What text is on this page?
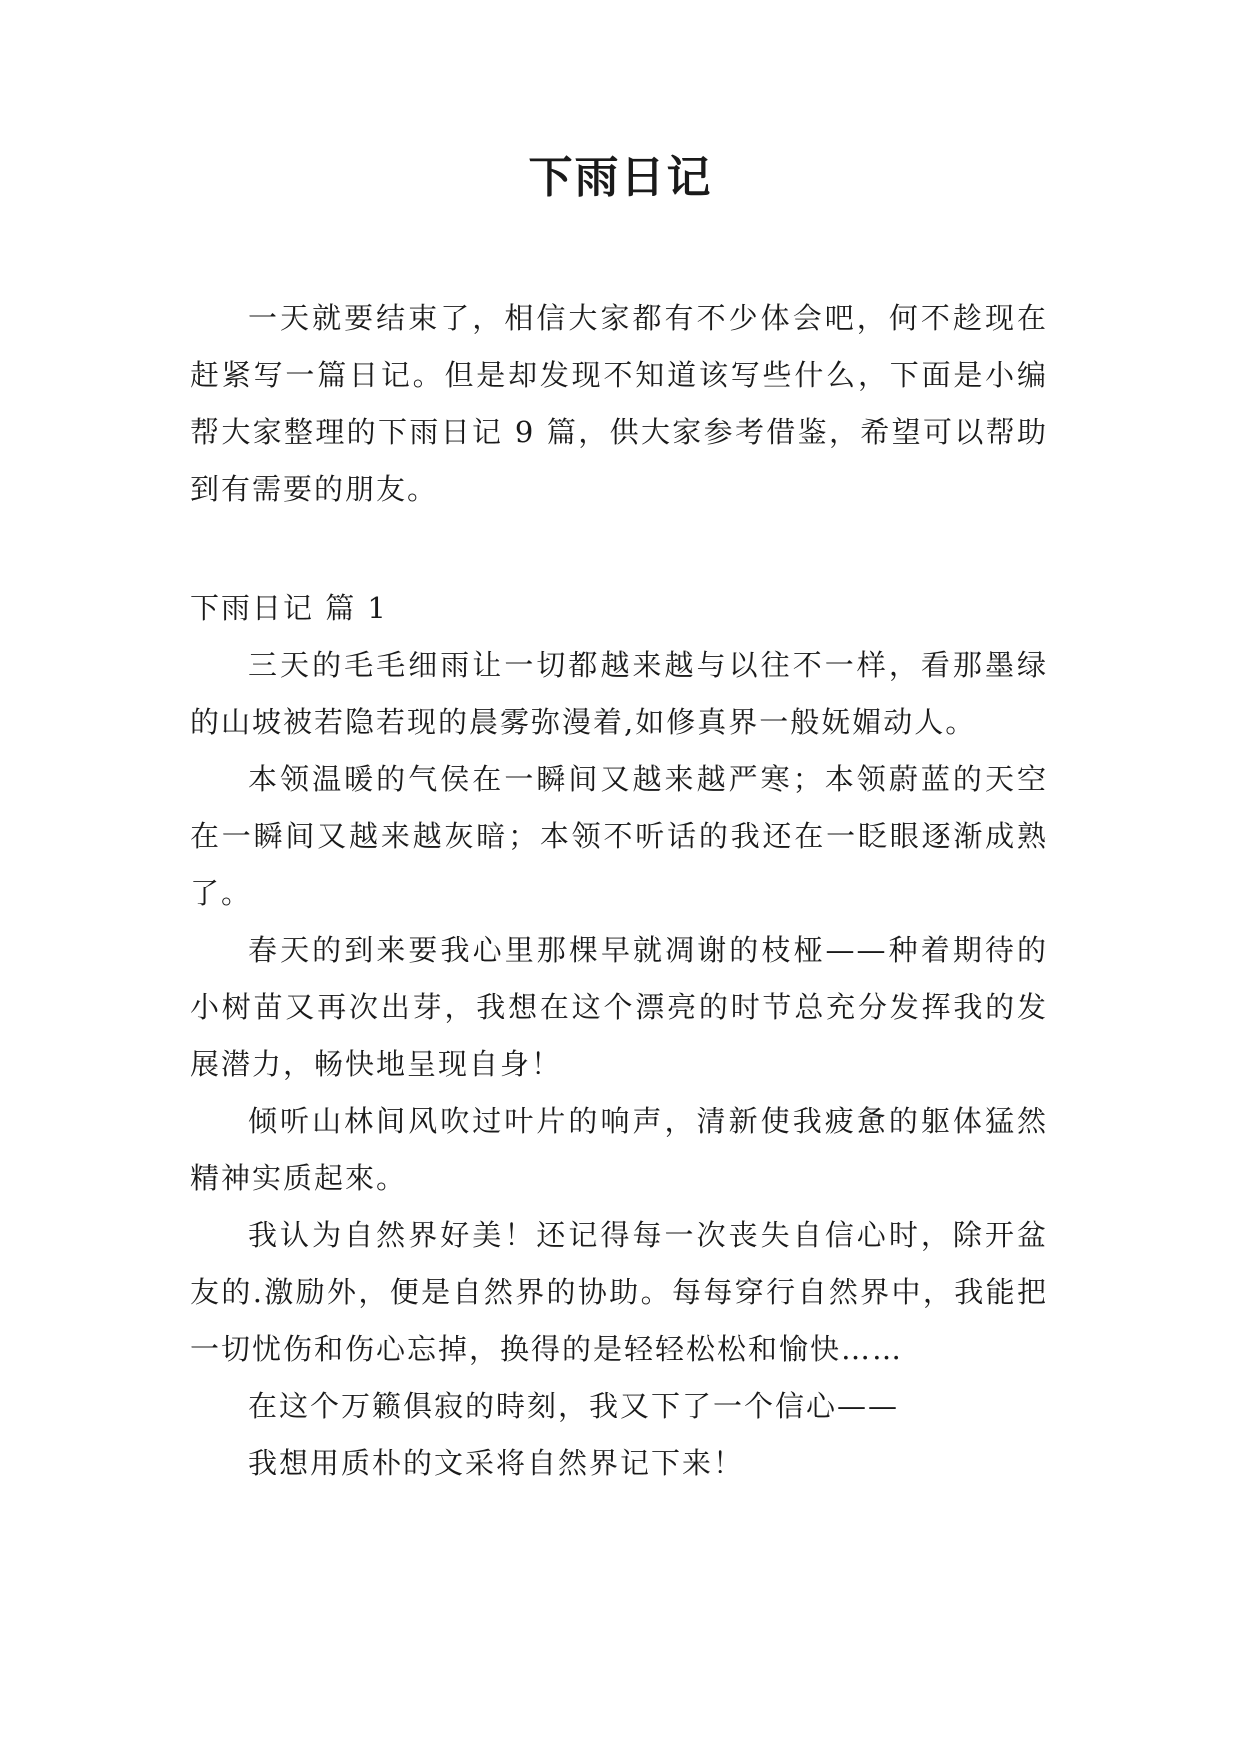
下雨日记

一天就要结束了，相信大家都有不少体会吧，何不趁现在赶紧写一篇日记。但是却发现不知道该写些什么，下面是小编帮大家整理的下雨日记 9 篇，供大家参考借鉴，希望可以帮助到有需要的朋友。

下雨日记 篇 1

三天的毛毛细雨让一切都越来越与以往不一样，看那墨绿的山坡被若隐若现的晨雾弥漫着,如修真界一般妩媚动人。

本领温暖的气侯在一瞬间又越来越严寒；本领蔚蓝的天空在一瞬间又越来越灰暗；本领不听话的我还在一眨眼逐渐成熟了。

春天的到来要我心里那棵早就凋谢的枝桠——种着期待的小树苗又再次出芽，我想在这个漂亮的时节总充分发挥我的发展潜力，畅快地呈现自身！

倾听山林间风吹过叶片的响声，清新使我疲惫的躯体猛然精神实质起來。

我认为自然界好美！还记得每一次丧失自信心时，除开盆友的.激励外，便是自然界的协助。每每穿行自然界中，我能把一切忧伤和伤心忘掉，换得的是轻轻松松和愉快……

在这个万籁俱寂的時刻，我又下了一个信心——

我想用质朴的文采将自然界记下来！
